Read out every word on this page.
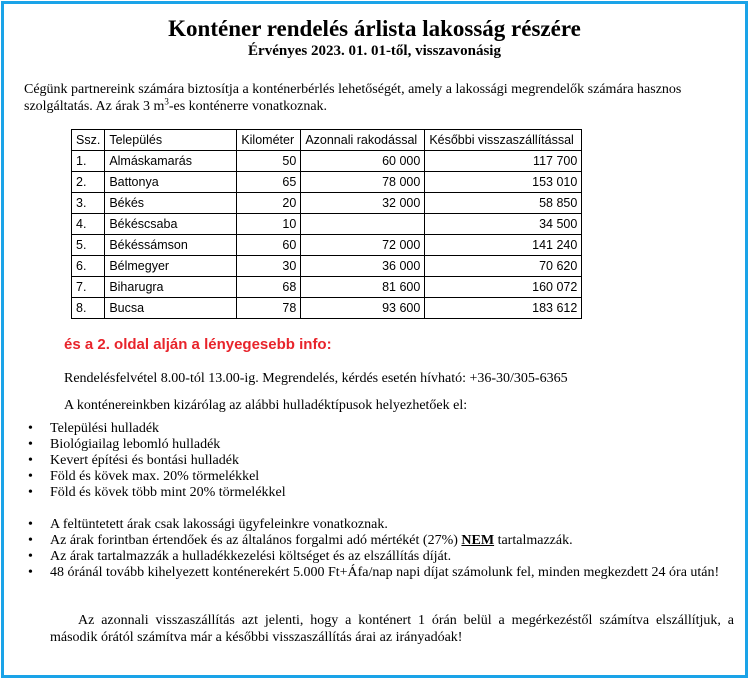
Konténer rendelés árlista lakosság részére
Érvényes 2023. 01. 01-től, visszavonásig
Cégünk partnereink számára biztosítja a konténerbérlés lehetőségét, amely a lakossági megrendelők számára hasznos szolgáltatás. Az árak 3 $m^3-es$ konténerre vonatkoznak.
Ssz.	Település	Kilométer	Azonnali rakodással	Későbbi visszaszállítással
1.	Almáskamarás	50	60 000	117 700
2.	Battonya	65	78 000	153 010
3.	Békés	20	32 000	58 850
4.	Békéscsaba	10		34 500
5.	Békéssámson	60	72 000	141 240
6.	Bélmegyer	30	36 000	70 620
7.	Biharugra	68	81 600	160 072
8.	Bucsa	78	93 600	183 612
és a 2. oldal alján a lényegesebb info:
Rendelésfelvétel 8.00-tól 13.00-ig. Megrendelés, kérdés esetén hívható: +36-30/305-6365
A konténereinkben kizárólag az alábbi hulladéktípusok helyezhetőek el:
• Települési hulladék
• Biológiailag lebomló hulladék
• Kevert építési és bontási hulladék
• Föld és kövek max. 20% törmelékkel
• Föld és kövek több mint 20% törmelékkel
• A feltüntetett árak csak lakossági ügyfeleinkre vonatkoznak.
• Az árak forintban értendőek és az általános forgalmi adó mértékét (27%) NEM tartalmazzák.
• Az árak tartalmazzák a hulladékkezelési költséget és az elszállítás díját.
• 48 óránál tovább kihelyezett konténerekért 5.000 Ft+Áfa/nap napi díjat számolunk fel, minden megkezdett 24 óra után!
Az azonnali visszaszállítás azt jelenti, hogy a konténert 1 órán belül a megérkezéstől számítva elszállítjuk, a második órától számítva már a későbbi visszaszállítás árai az irányadóak!
